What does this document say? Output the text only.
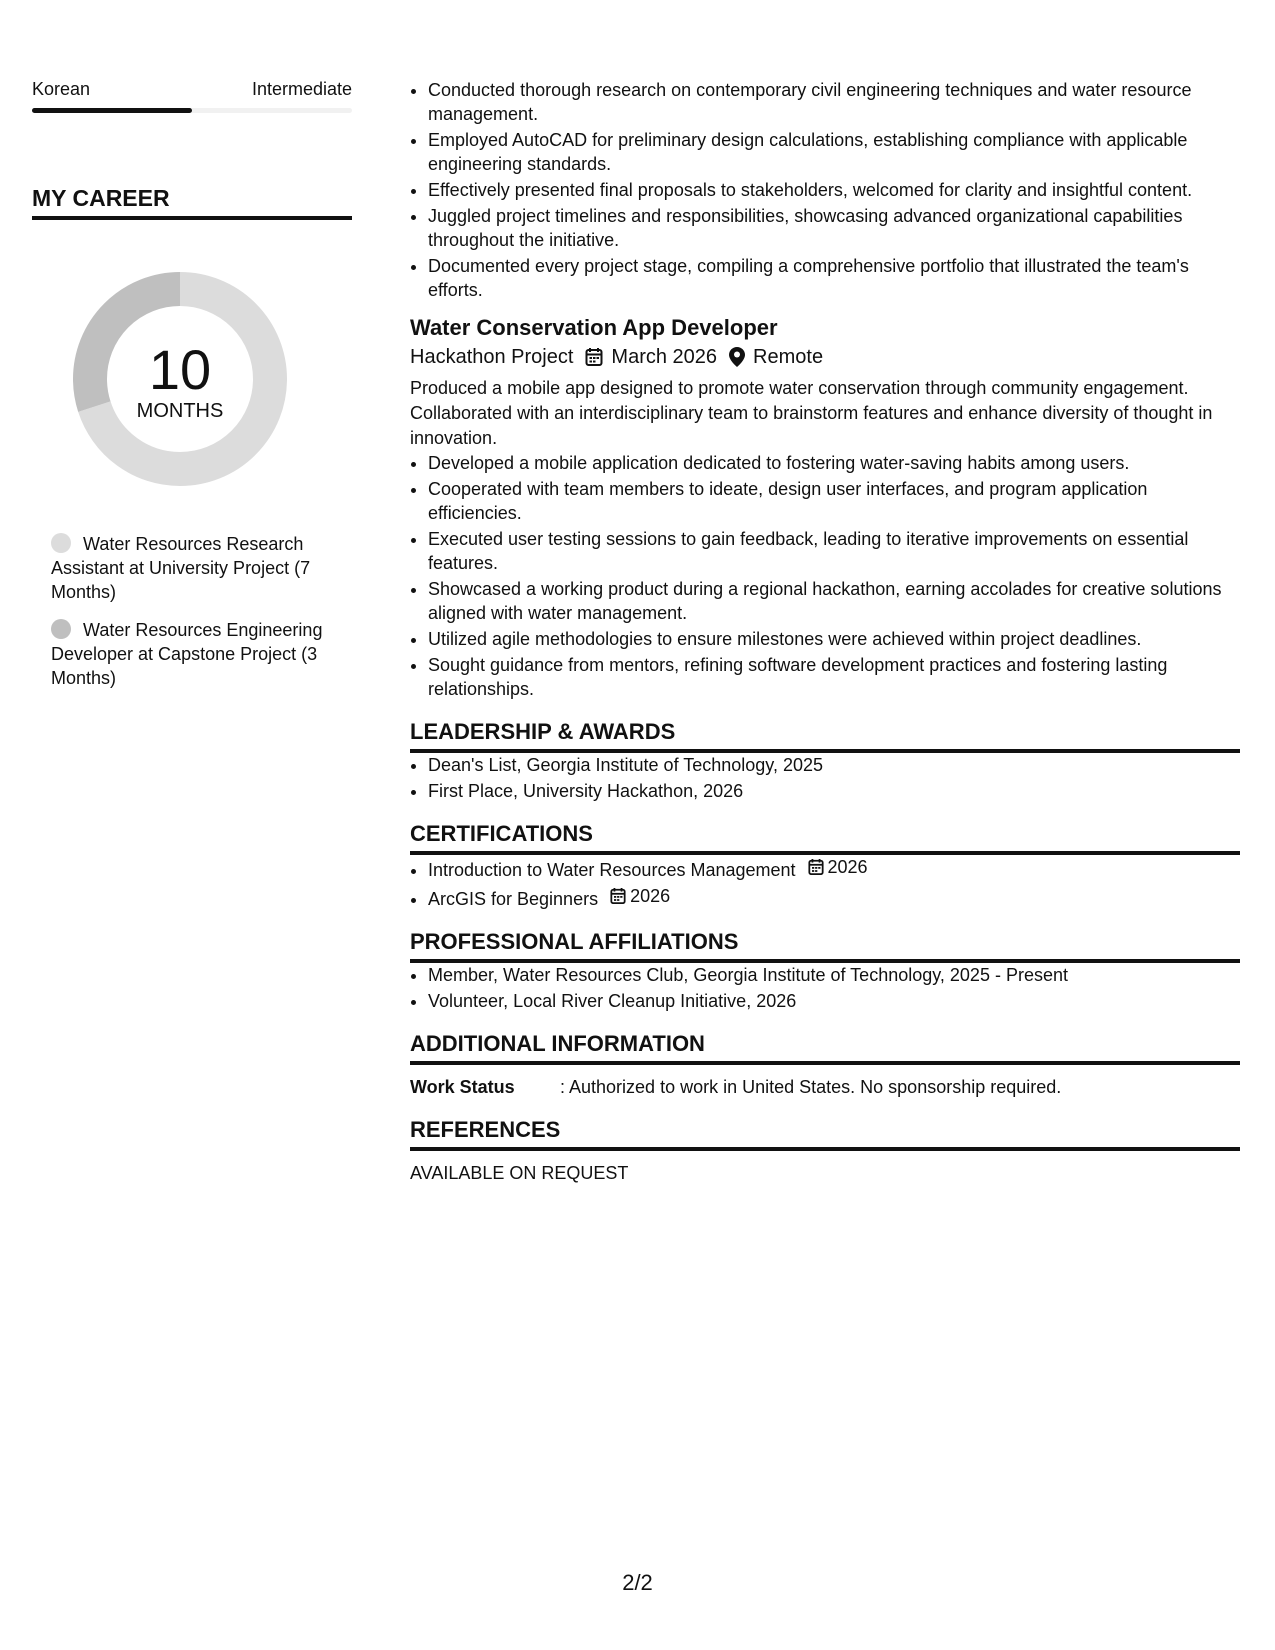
Korean	Intermediate
MY CAREER
10
MONTHS
Water Resources Research Assistant at University Project (7 Months)
Water Resources Engineering Developer at Capstone Project (3 Months)
• Conducted thorough research on contemporary civil engineering techniques and water resource management.
• Employed AutoCAD for preliminary design calculations, establishing compliance with applicable engineering standards.
• Effectively presented final proposals to stakeholders, welcomed for clarity and insightful content.
• Juggled project timelines and responsibilities, showcasing advanced organizational capabilities throughout the initiative.
• Documented every project stage, compiling a comprehensive portfolio that illustrated the team's efforts.
Water Conservation App Developer
Hackathon Project March 2026 Remote
Produced a mobile app designed to promote water conservation through community engagement. Collaborated with an interdisciplinary team to brainstorm features and enhance diversity of thought in innovation.
• Developed a mobile application dedicated to fostering water-saving habits among users.
• Cooperated with team members to ideate, design user interfaces, and program application efficiencies.
• Executed user testing sessions to gain feedback, leading to iterative improvements on essential features.
• Showcased a working product during a regional hackathon, earning accolades for creative solutions aligned with water management.
• Utilized agile methodologies to ensure milestones were achieved within project deadlines.
• Sought guidance from mentors, refining software development practices and fostering lasting relationships.
LEADERSHIP & AWARDS
• Dean's List, Georgia Institute of Technology, 2025
• First Place, University Hackathon, 2026
CERTIFICATIONS
• Introduction to Water Resources Management 2026
• ArcGIS for Beginners 2026
PROFESSIONAL AFFILIATIONS
• Member, Water Resources Club, Georgia Institute of Technology, 2025 - Present
• Volunteer, Local River Cleanup Initiative, 2026
ADDITIONAL INFORMATION
Work Status	: Authorized to work in United States. No sponsorship required.
REFERENCES
AVAILABLE ON REQUEST
2/2
